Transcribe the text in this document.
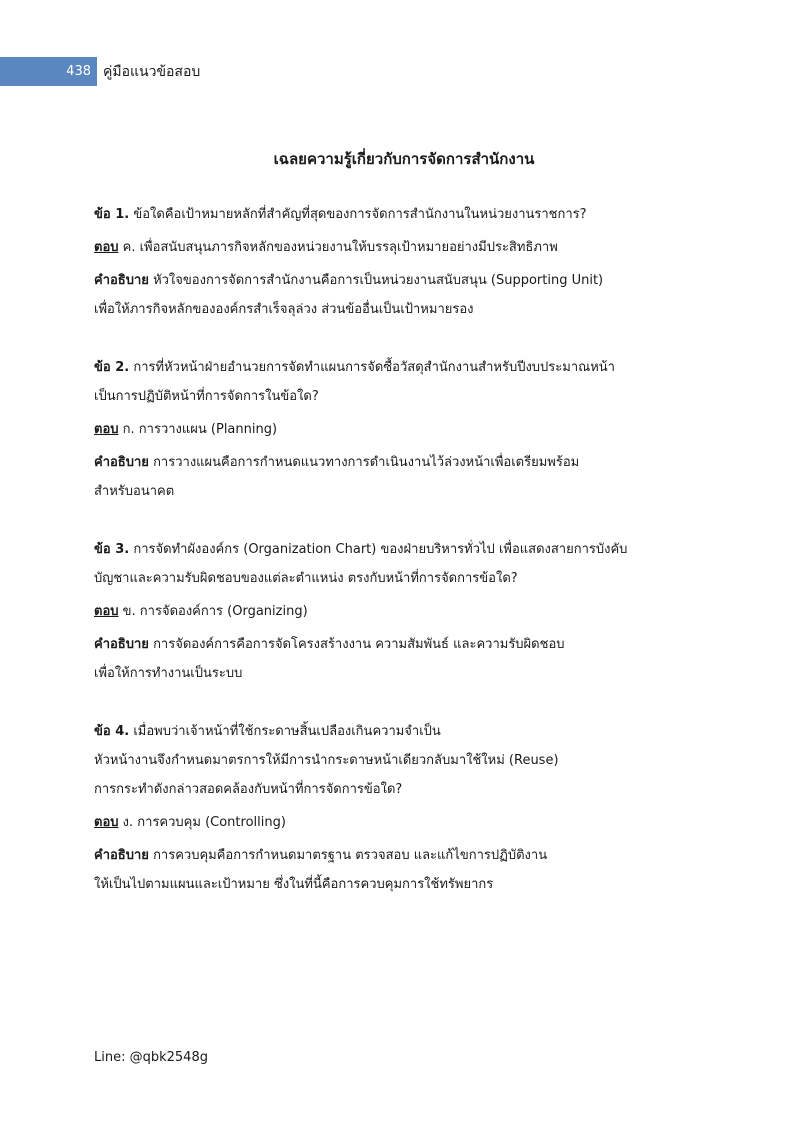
438 คู่มือแนวข้อสอบ
เฉลยความรู้เกี่ยวกับการจัดการสำนักงาน

ข้อ 1. ข้อใดคือเป้าหมายหลักที่สำคัญที่สุดของการจัดการสำนักงานในหน่วยงานราชการ?

ตอบ ค. เพื่อสนับสนุนภารกิจหลักของหน่วยงานให้บรรลุเป้าหมายอย่างมีประสิทธิภาพ

คำอธิบาย หัวใจของการจัดการสำนักงานคือการเป็นหน่วยงานสนับสนุน (Supporting Unit)
เพื่อให้ภารกิจหลักขององค์กรสำเร็จลุล่วง ส่วนข้ออื่นเป็นเป้าหมายรอง

ข้อ 2. การที่หัวหน้าฝ่ายอำนวยการจัดทำแผนการจัดซื้อวัสดุสำนักงานสำหรับปีงบประมาณหน้า
เป็นการปฏิบัติหน้าที่การจัดการในข้อใด?

ตอบ ก. การวางแผน (Planning)

คำอธิบาย การวางแผนคือการกำหนดแนวทางการดำเนินงานไว้ล่วงหน้าเพื่อเตรียมพร้อม
สำหรับอนาคต

ข้อ 3. การจัดทำผังองค์กร (Organization Chart) ของฝ่ายบริหารทั่วไป เพื่อแสดงสายการบังคับ
บัญชาและความรับผิดชอบของแต่ละตำแหน่ง ตรงกับหน้าที่การจัดการข้อใด?

ตอบ ข. การจัดองค์การ (Organizing)

คำอธิบาย การจัดองค์การคือการจัดโครงสร้างงาน ความสัมพันธ์ และความรับผิดชอบ
เพื่อให้การทำงานเป็นระบบ

ข้อ 4. เมื่อพบว่าเจ้าหน้าที่ใช้กระดาษสิ้นเปลืองเกินความจำเป็น
หัวหน้างานจึงกำหนดมาตรการให้มีการนำกระดาษหน้าเดียวกลับมาใช้ใหม่ (Reuse)
การกระทำดังกล่าวสอดคล้องกับหน้าที่การจัดการข้อใด?

ตอบ ง. การควบคุม (Controlling)

คำอธิบาย การควบคุมคือการกำหนดมาตรฐาน ตรวจสอบ และแก้ไขการปฏิบัติงาน
ให้เป็นไปตามแผนและเป้าหมาย ซึ่งในที่นี้คือการควบคุมการใช้ทรัพยากร

Line: @qbk2548g
